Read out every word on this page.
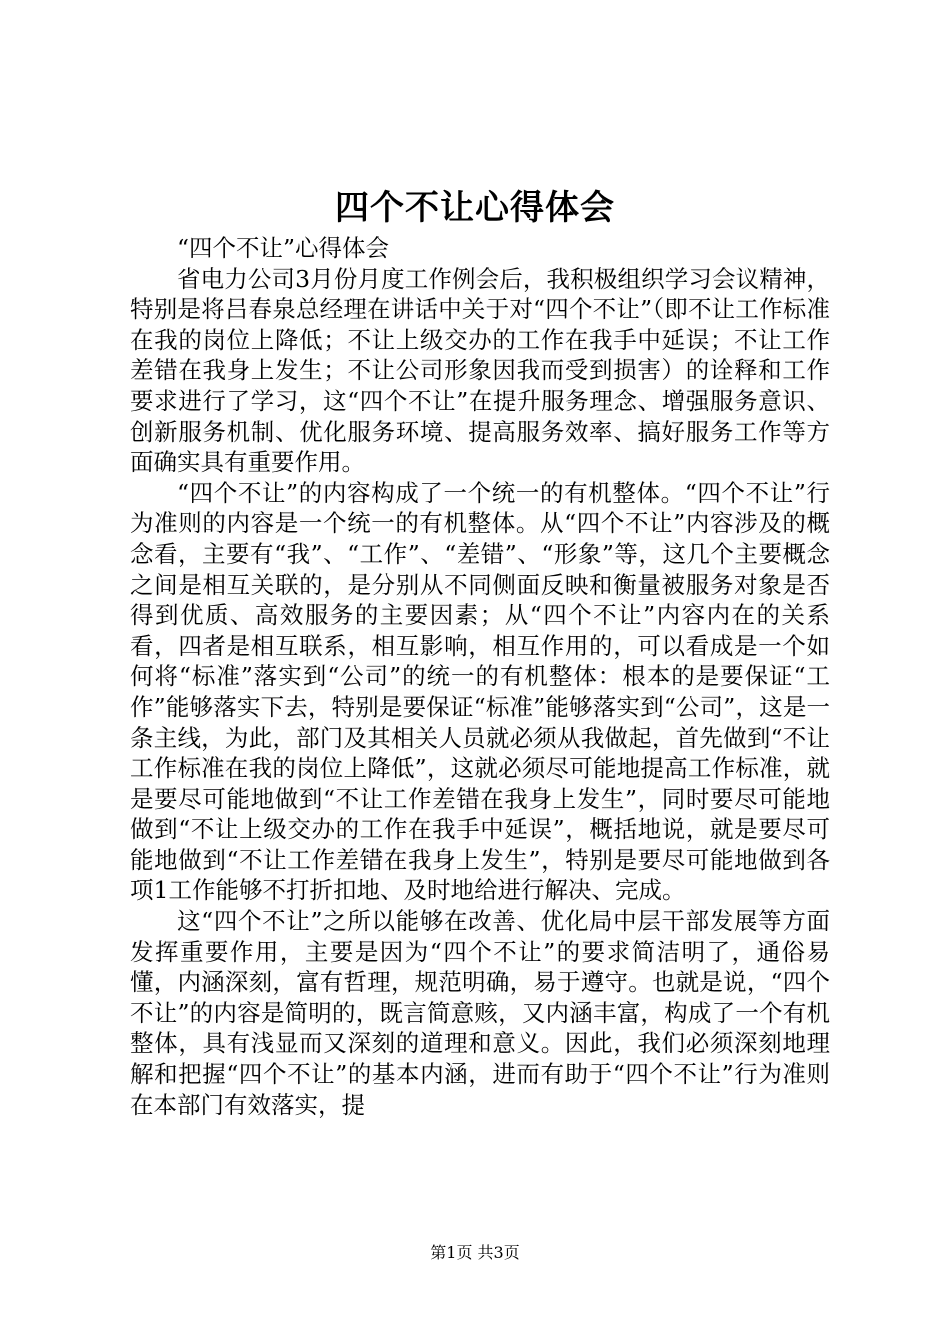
四个不让心得体会

“四个不让”心得体会

省电力公司3月份月度工作例会后，我积极组织学习会议精神，特别是将吕春泉总经理在讲话中关于对“四个不让”（即不让工作标准在我的岗位上降低；不让上级交办的工作在我手中延误；不让工作差错在我身上发生；不让公司形象因我而受到损害）的诠释和工作要求进行了学习，这“四个不让”在提升服务理念、增强服务意识、创新服务机制、优化服务环境、提高服务效率、搞好服务工作等方面确实具有重要作用。

“四个不让”的内容构成了一个统一的有机整体。“四个不让”行为准则的内容是一个统一的有机整体。从“四个不让”内容涉及的概念看，主要有“我”、“工作”、“差错”、“形象”等，这几个主要概念之间是相互关联的，是分别从不同侧面反映和衡量被服务对象是否得到优质、高效服务的主要因素；从“四个不让”内容内在的关系看，四者是相互联系，相互影响，相互作用的，可以看成是一个如何将“标准”落实到“公司”的统一的有机整体：根本的是要保证“工作”能够落实下去，特别是要保证“标准”能够落实到“公司”，这是一条主线，为此，部门及其相关人员就必须从我做起，首先做到“不让工作标准在我的岗位上降低”，这就必须尽可能地提高工作标准，就是要尽可能地做到“不让工作差错在我身上发生”，同时要尽可能地做到“不让上级交办的工作在我手中延误”，概括地说，就是要尽可能地做到“不让工作差错在我身上发生”，特别是要尽可能地做到各项1工作能够不打折扣地、及时地给进行解决、完成。

这“四个不让”之所以能够在改善、优化局中层干部发展等方面发挥重要作用，主要是因为“四个不让”的要求简洁明了，通俗易懂，内涵深刻，富有哲理，规范明确，易于遵守。也就是说，“四个不让”的内容是简明的，既言简意赅，又内涵丰富，构成了一个有机整体，具有浅显而又深刻的道理和意义。因此，我们必须深刻地理解和把握“四个不让”的基本内涵，进而有助于“四个不让”行为准则在本部门有效落实，提

第1页 共3页
